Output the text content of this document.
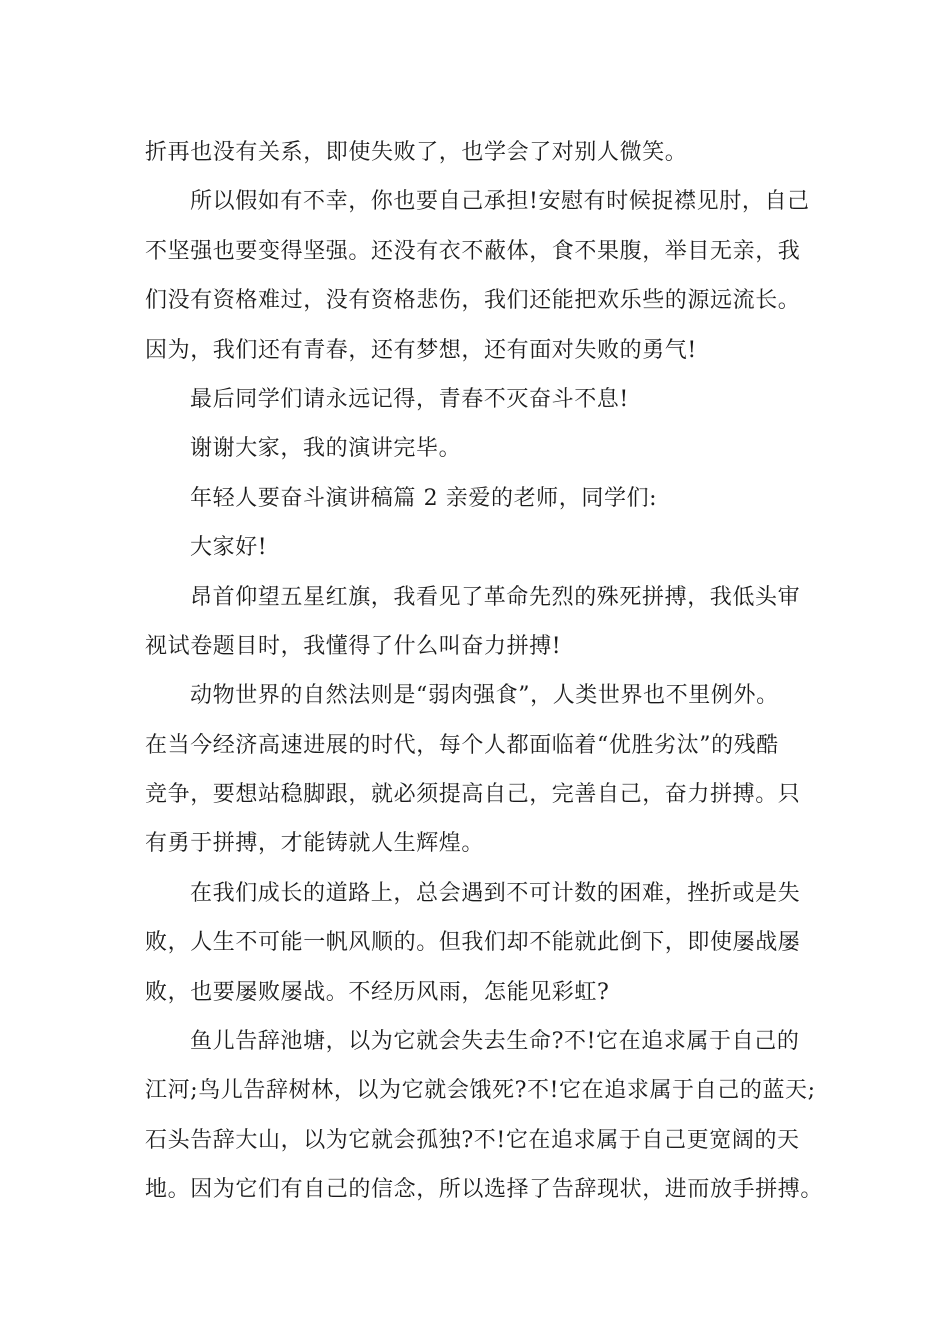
折再也没有关系，即使失败了，也学会了对别人微笑。
所以假如有不幸，你也要自己承担!安慰有时候捉襟见肘，自己
不坚强也要变得坚强。还没有衣不蔽体，食不果腹，举目无亲，我
们没有资格难过，没有资格悲伤，我们还能把欢乐些的源远流长。
因为，我们还有青春，还有梦想，还有面对失败的勇气!
最后同学们请永远记得，青春不灭奋斗不息!
谢谢大家，我的演讲完毕。
年轻人要奋斗演讲稿篇 2 亲爱的老师，同学们:
大家好!
昂首仰望五星红旗，我看见了革命先烈的殊死拼搏，我低头审
视试卷题目时，我懂得了什么叫奋力拼搏!
动物世界的自然法则是“弱肉强食”，人类世界也不里例外。
在当今经济高速进展的时代，每个人都面临着“优胜劣汰”的残酷
竞争，要想站稳脚跟，就必须提高自己，完善自己，奋力拼搏。只
有勇于拼搏，才能铸就人生辉煌。
在我们成长的道路上，总会遇到不可计数的困难，挫折或是失
败，人生不可能一帆风顺的。但我们却不能就此倒下，即使屡战屡
败，也要屡败屡战。不经历风雨，怎能见彩虹?
鱼儿告辞池塘，以为它就会失去生命?不!它在追求属于自己的
江河;鸟儿告辞树林，以为它就会饿死?不!它在追求属于自己的蓝天;
石头告辞大山，以为它就会孤独?不!它在追求属于自己更宽阔的天
地。因为它们有自己的信念，所以选择了告辞现状，进而放手拼搏。
